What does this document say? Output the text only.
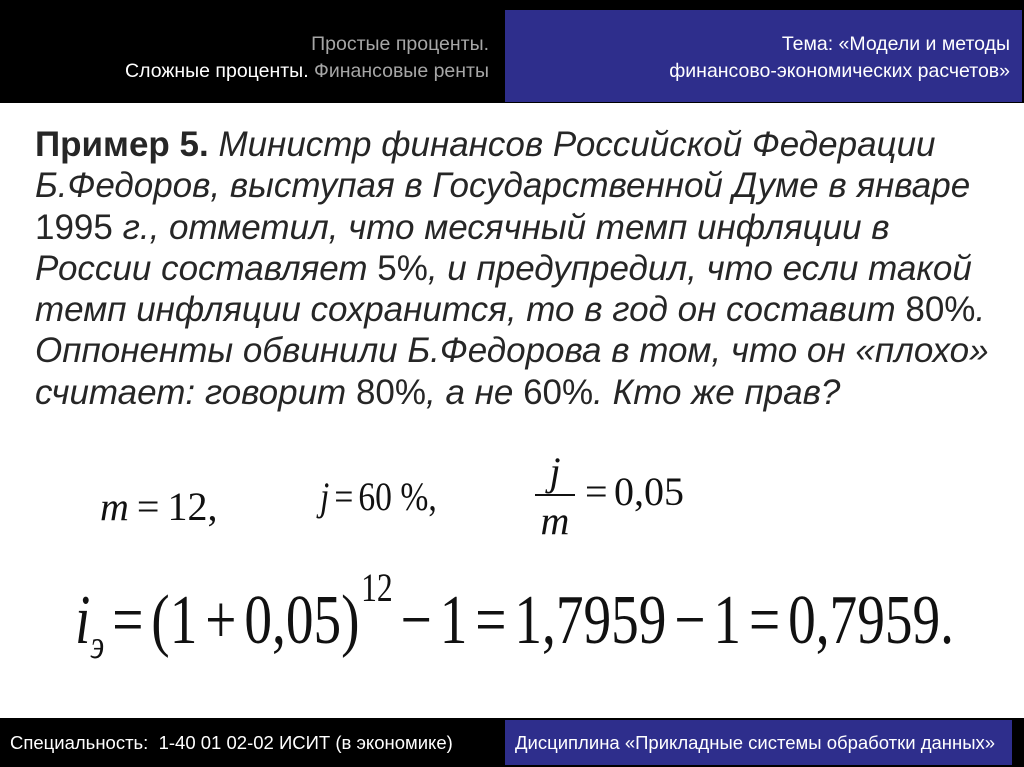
Простые проценты.
Сложные проценты. Финансовые ренты
Тема: «Модели и методы
финансово-экономических расчетов»
Пример 5. Министр финансов Российской Федерации
Б.Федоров, выступая в Государственной Думе в январе
1995 г., отметил, что месячный темп инфляции в
России составляет 5%, и предупредил, что если такой
темп инфляции сохранится, то в год он составит 80%.
Оппоненты обвинили Б.Федорова в том, что он «плохо»
считает: говорит 80%, а не 60%. Кто же прав?
m = 12,	j = 60 %,
j
m
= 0,05
$i_э = (1 + 0,05)^{12} - 1 = 1,7959 - 1 = 0,7959$.
Специальность:  1-40 01 02-02 ИСИТ (в экономике)	Дисциплина «Прикладные системы обработки данных»
